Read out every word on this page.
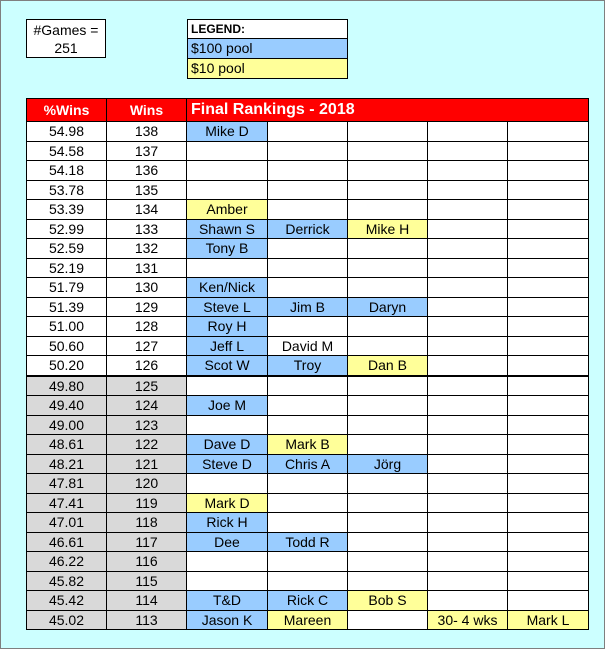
#Games =
251
LEGEND:
$100 pool
$10 pool
%Wins	Wins	Final Rankings - 2018				
54.98	138	Mike D				
54.58	137					
54.18	136					
53.78	135					
53.39	134	Amber				
52.99	133	Shawn S	Derrick	Mike H		
52.59	132	Tony B				
52.19	131					
51.79	130	Ken/Nick				
51.39	129	Steve L	Jim B	Daryn		
51.00	128	Roy H				
50.60	127	Jeff L	David M			
50.20	126	Scot W	Troy	Dan B		
49.80	125					
49.40	124	Joe M				
49.00	123					
48.61	122	Dave D	Mark B			
48.21	121	Steve D	Chris A	Jörg		
47.81	120					
47.41	119	Mark D				
47.01	118	Rick H				
46.61	117	Dee	Todd R			
46.22	116					
45.82	115					
45.42	114	T&D	Rick C	Bob S		
45.02	113	Jason K	Mareen		30- 4 wks	Mark L
